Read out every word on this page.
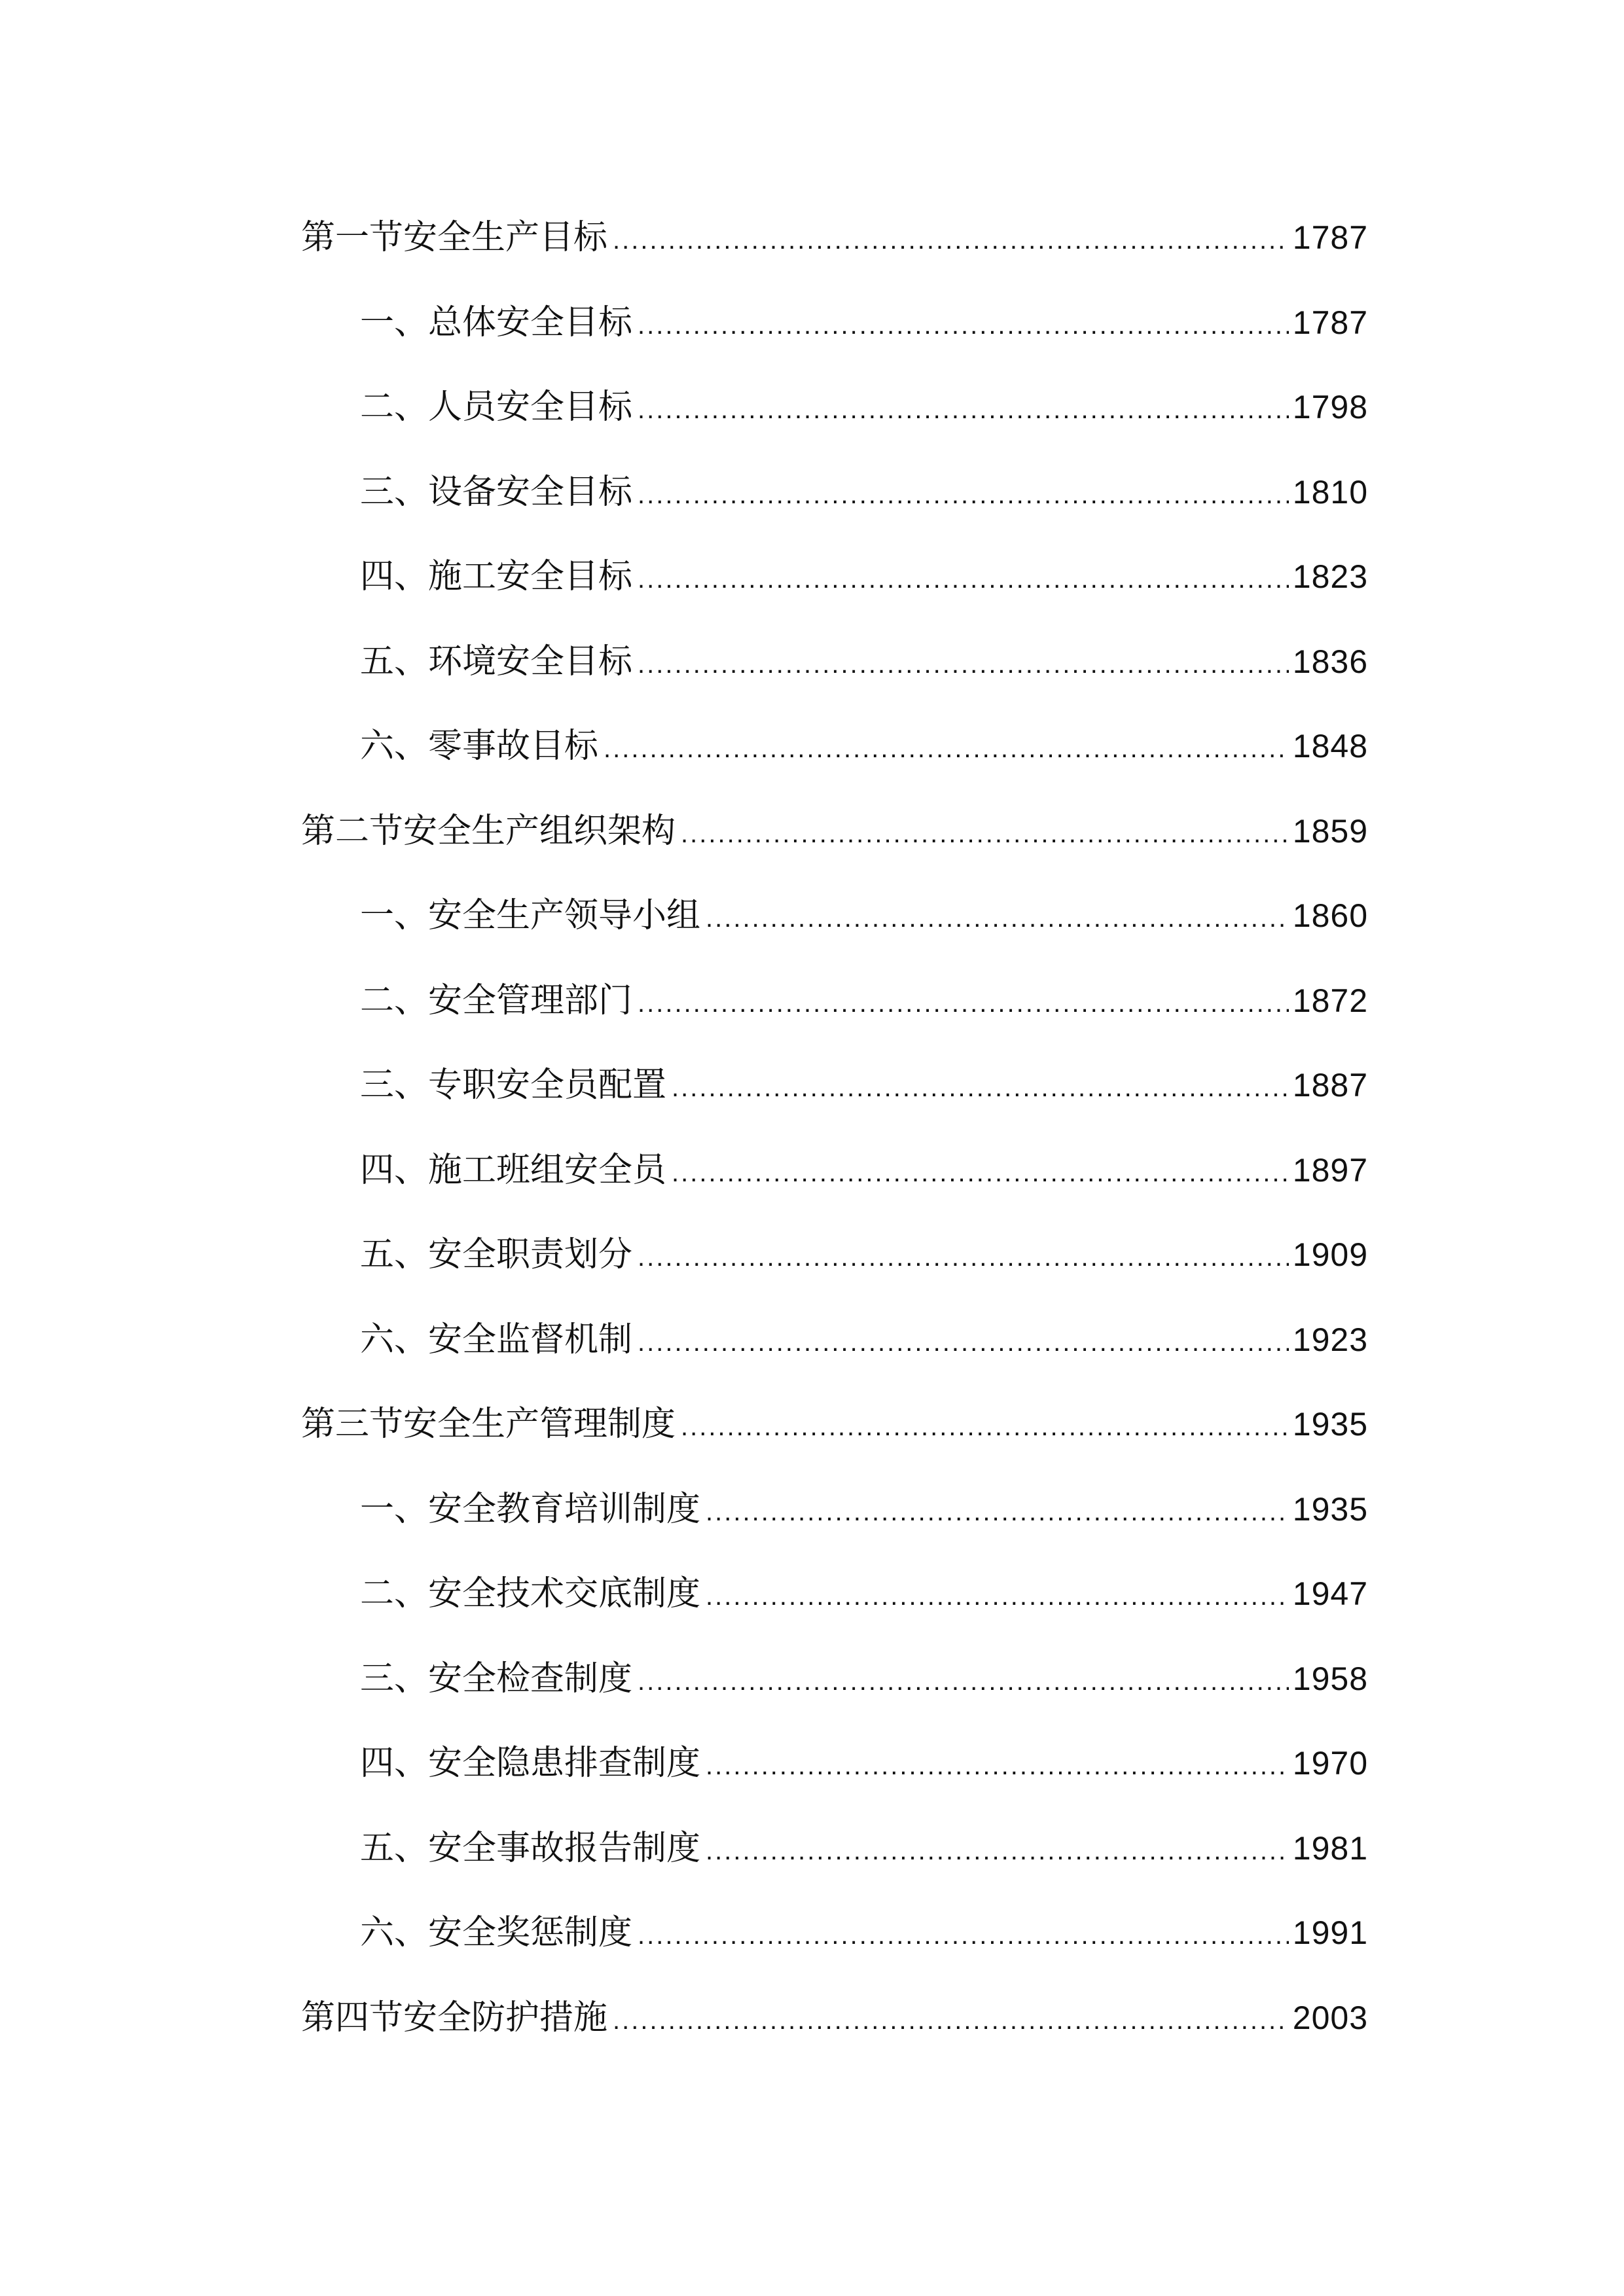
第一节安全生产目标 .....	1787
一、总体安全目标 .....	1787
二、人员安全目标 .....	1798
三、设备安全目标 .....	1810
四、施工安全目标 .....	1823
五、环境安全目标 .....	1836
六、零事故目标 .....	1848
第二节安全生产组织架构 .....	1859
一、安全生产领导小组 .....	1860
二、安全管理部门 .....	1872
三、专职安全员配置 .....	1887
四、施工班组安全员 .....	1897
五、安全职责划分 .....	1909
六、安全监督机制 .....	1923
第三节安全生产管理制度 .....	1935
一、安全教育培训制度 .....	1935
二、安全技术交底制度 .....	1947
三、安全检查制度 .....	1958
四、安全隐患排查制度 .....	1970
五、安全事故报告制度 .....	1981
六、安全奖惩制度 .....	1991
第四节安全防护措施 .....	2003
